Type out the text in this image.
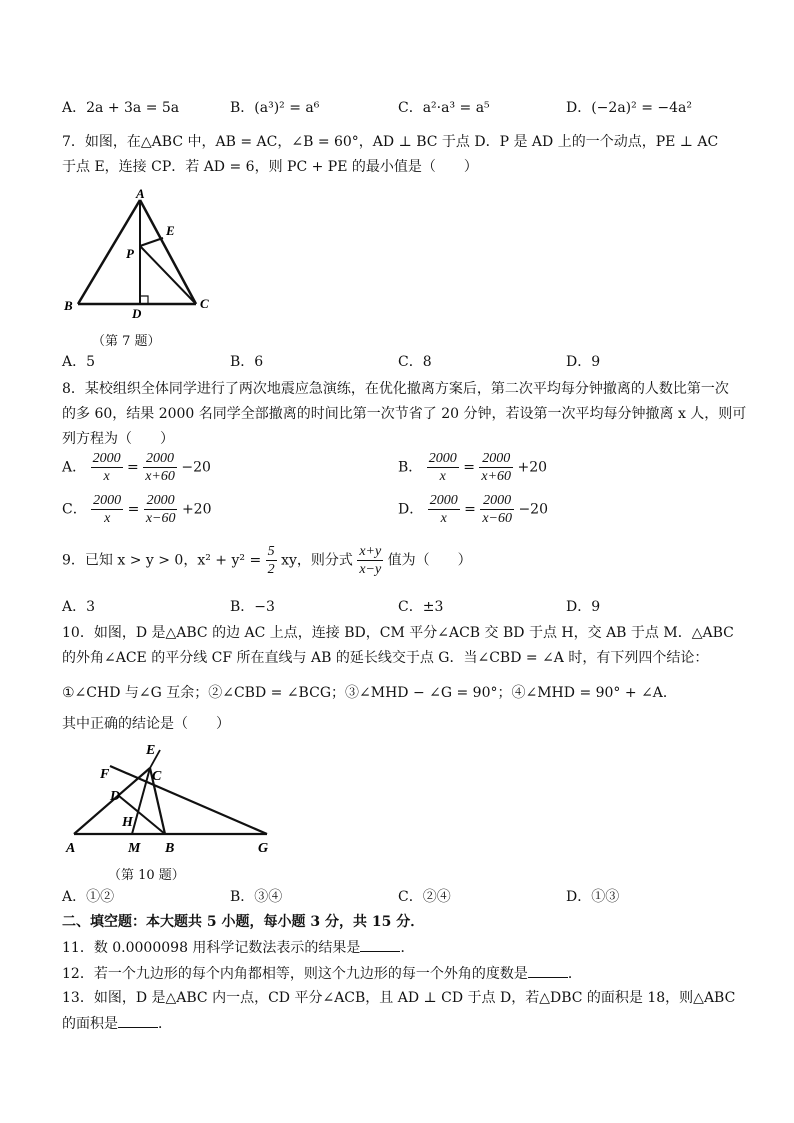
A．2a + 3a = 5a	B．(a³)² = a⁶	C．a²·a³ = a⁵	D．(−2a)² = −4a²
7．如图，在△ABC 中，AB = AC，∠B = 60°，AD ⊥ BC 于点 D．P 是 AD 上的一个动点，PE ⊥ AC
于点 E，连接 CP．若 AD = 6，则 PC + PE 的最小值是（　　）
A
B	C
D
E
P
（第 7 题）
A．5	B．6	C．8	D．9
8．某校组织全体同学进行了两次地震应急演练，在优化撤离方案后，第二次平均每分钟撤离的人数比第一次
的多 60，结果 2000 名同学全部撤离的时间比第一次节省了 20 分钟，若设第一次平均每分钟撤离 x 人，则可
列方程为（　　）
A． $\frac{2000}{x} = \frac{2000}{x+60} -20$	B． $\frac{2000}{x} = \frac{2000}{x+60} +20$
C． $\frac{2000}{x} = \frac{2000}{x-60} +20$	D． $\frac{2000}{x} = \frac{2000}{x-60} -20$
9．已知 x > y > 0，$x^2 + y^2 = \frac{5}{2}$ xy，则分式 $\frac{x+y}{x-y}$ 值为（　　）
A．3	B．−3	C．±3	D．9
10．如图，D 是△ABC 的边 AC 上点，连接 BD，CM 平分∠ACB 交 BD 于点 H，交 AB 于点 M．△ABC
的外角∠ACE 的平分线 CF 所在直线与 AB 的延长线交于点 G．当∠CBD = ∠A 时，有下列四个结论：
①∠CHD 与∠G 互余；②∠CBD = ∠BCG；③∠MHD − ∠G = 90°；④∠MHD = 90° + ∠A．
其中正确的结论是（　　）
E
F	C
D
H
A	M B	G
（第 10 题）
A．①②	B．③④	C．②④	D．①③
二、填空题：本大题共 5 小题，每小题 3 分，共 15 分．
11．数 0.0000098 用科学记数法表示的结果是	．
12．若一个九边形的每个内角都相等，则这个九边形的每一个外角的度数是	．
13．如图，D 是△ABC 内一点，CD 平分∠ACB，且 AD ⊥ CD 于点 D，若△DBC 的面积是 18，则△ABC
的面积是	．
